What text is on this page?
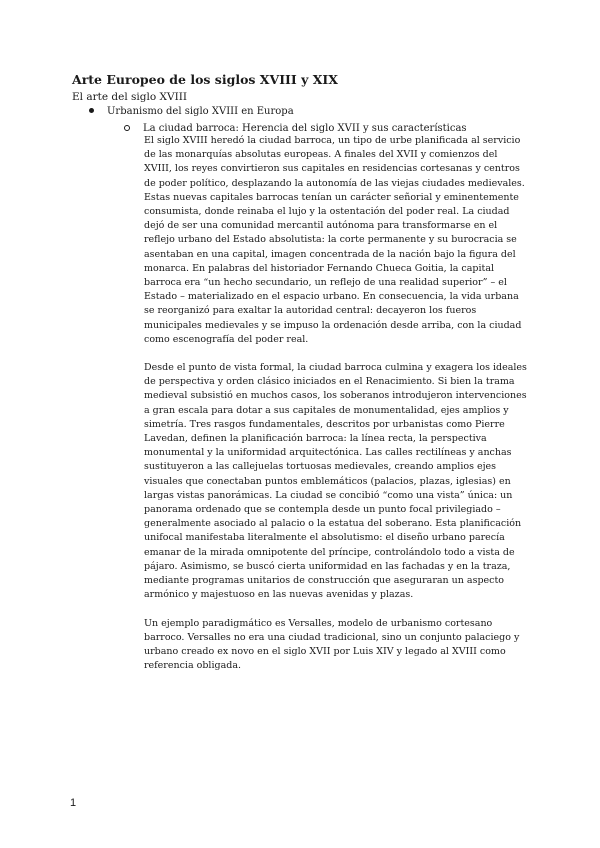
Arte Europeo de los siglos XVIII y XIX
El arte del siglo XVIII
Urbanismo del siglo XVIII en Europa
La ciudad barroca: Herencia del siglo XVII y sus características

El siglo XVIII heredó la ciudad barroca, un tipo de urbe planificada al servicio de las monarquías absolutas europeas. A finales del XVII y comienzos del XVIII, los reyes convirtieron sus capitales en residencias cortesanas y centros de poder político, desplazando la autonomía de las viejas ciudades medievales. Estas nuevas capitales barrocas tenían un carácter señorial y eminentemente consumista, donde reinaba el lujo y la ostentación del poder real. La ciudad dejó de ser una comunidad mercantil autónoma para transformarse en el reflejo urbano del Estado absolutista: la corte permanente y su burocracia se asentaban en una capital, imagen concentrada de la nación bajo la figura del monarca. En palabras del historiador Fernando Chueca Goitia, la capital barroca era “un hecho secundario, un reflejo de una realidad superior” – el Estado – materializado en el espacio urbano. En consecuencia, la vida urbana se reorganizó para exaltar la autoridad central: decayeron los fueros municipales medievales y se impuso la ordenación desde arriba, con la ciudad como escenografía del poder real.

Desde el punto de vista formal, la ciudad barroca culmina y exagera los ideales de perspectiva y orden clásico iniciados en el Renacimiento. Si bien la trama medieval subsistió en muchos casos, los soberanos introdujeron intervenciones a gran escala para dotar a sus capitales de monumentalidad, ejes amplios y simetría. Tres rasgos fundamentales, descritos por urbanistas como Pierre Lavedan, definen la planificación barroca: la línea recta, la perspectiva monumental y la uniformidad arquitectónica. Las calles rectilíneas y anchas sustituyeron a las callejuelas tortuosas medievales, creando amplios ejes visuales que conectaban puntos emblemáticos (palacios, plazas, iglesias) en largas vistas panorámicas. La ciudad se concibió “como una vista” única: un panorama ordenado que se contempla desde un punto focal privilegiado – generalmente asociado al palacio o la estatua del soberano. Esta planificación unifocal manifestaba literalmente el absolutismo: el diseño urbano parecía emanar de la mirada omnipotente del príncipe, controlándolo todo a vista de pájaro. Asimismo, se buscó cierta uniformidad en las fachadas y en la traza, mediante programas unitarios de construcción que aseguraran un aspecto armónico y majestuoso en las nuevas avenidas y plazas.

Un ejemplo paradigmático es Versalles, modelo de urbanismo cortesano barroco. Versalles no era una ciudad tradicional, sino un conjunto palaciego y urbano creado ex novo en el siglo XVII por Luis XIV y legado al XVIII como referencia obligada.

1
